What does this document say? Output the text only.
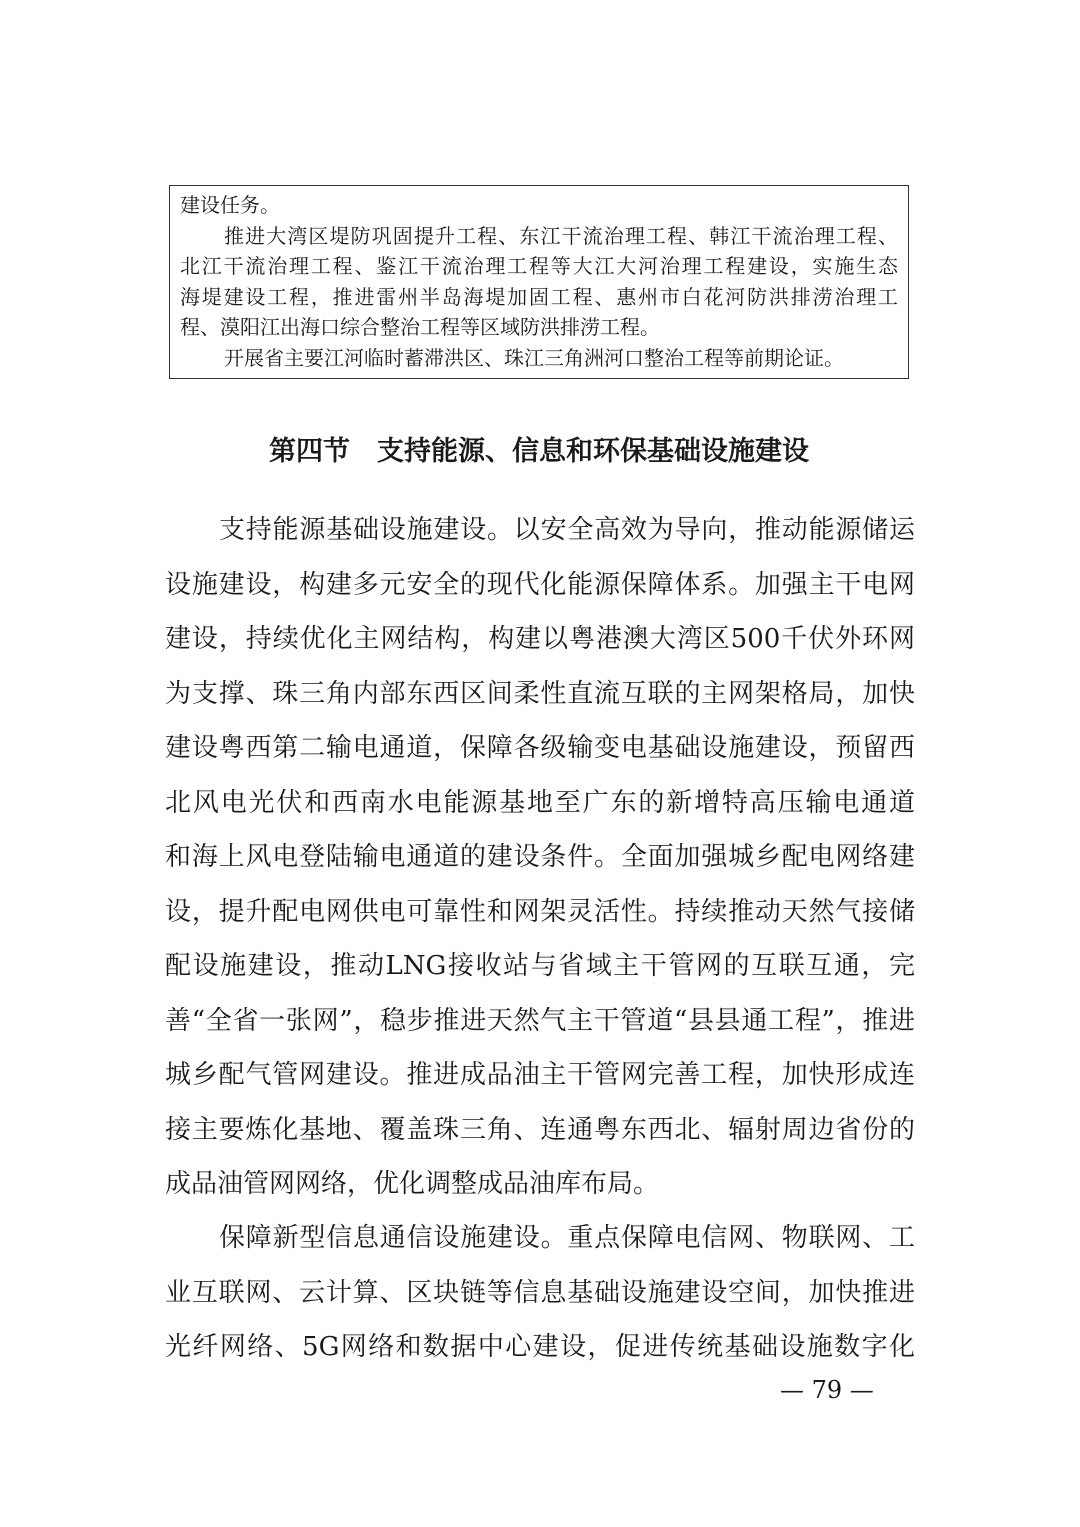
建设任务。
推进大湾区堤防巩固提升工程、东江干流治理工程、韩江干流治理工程、
北江干流治理工程、鉴江干流治理工程等大江大河治理工程建设，实施生态
海堤建设工程，推进雷州半岛海堤加固工程、惠州市白花河防洪排涝治理工
程、漠阳江出海口综合整治工程等区域防洪排涝工程。
开展省主要江河临时蓄滞洪区、珠江三角洲河口整治工程等前期论证。
第四节　支持能源、信息和环保基础设施建设
支持能源基础设施建设。以安全高效为导向，推动能源储运
设施建设，构建多元安全的现代化能源保障体系。加强主干电网
建设，持续优化主网结构，构建以粤港澳大湾区500千伏外环网
为支撑、珠三角内部东西区间柔性直流互联的主网架格局，加快
建设粤西第二输电通道，保障各级输变电基础设施建设，预留西
北风电光伏和西南水电能源基地至广东的新增特高压输电通道
和海上风电登陆输电通道的建设条件。全面加强城乡配电网络建
设，提升配电网供电可靠性和网架灵活性。持续推动天然气接储
配设施建设，推动LNG接收站与省域主干管网的互联互通，完
善“全省一张网”，稳步推进天然气主干管道“县县通工程”，推进
城乡配气管网建设。推进成品油主干管网完善工程，加快形成连
接主要炼化基地、覆盖珠三角、连通粤东西北、辐射周边省份的
成品油管网网络，优化调整成品油库布局。
保障新型信息通信设施建设。重点保障电信网、物联网、工
业互联网、云计算、区块链等信息基础设施建设空间，加快推进
光纤网络、5G网络和数据中心建设，促进传统基础设施数字化
— 79 —
